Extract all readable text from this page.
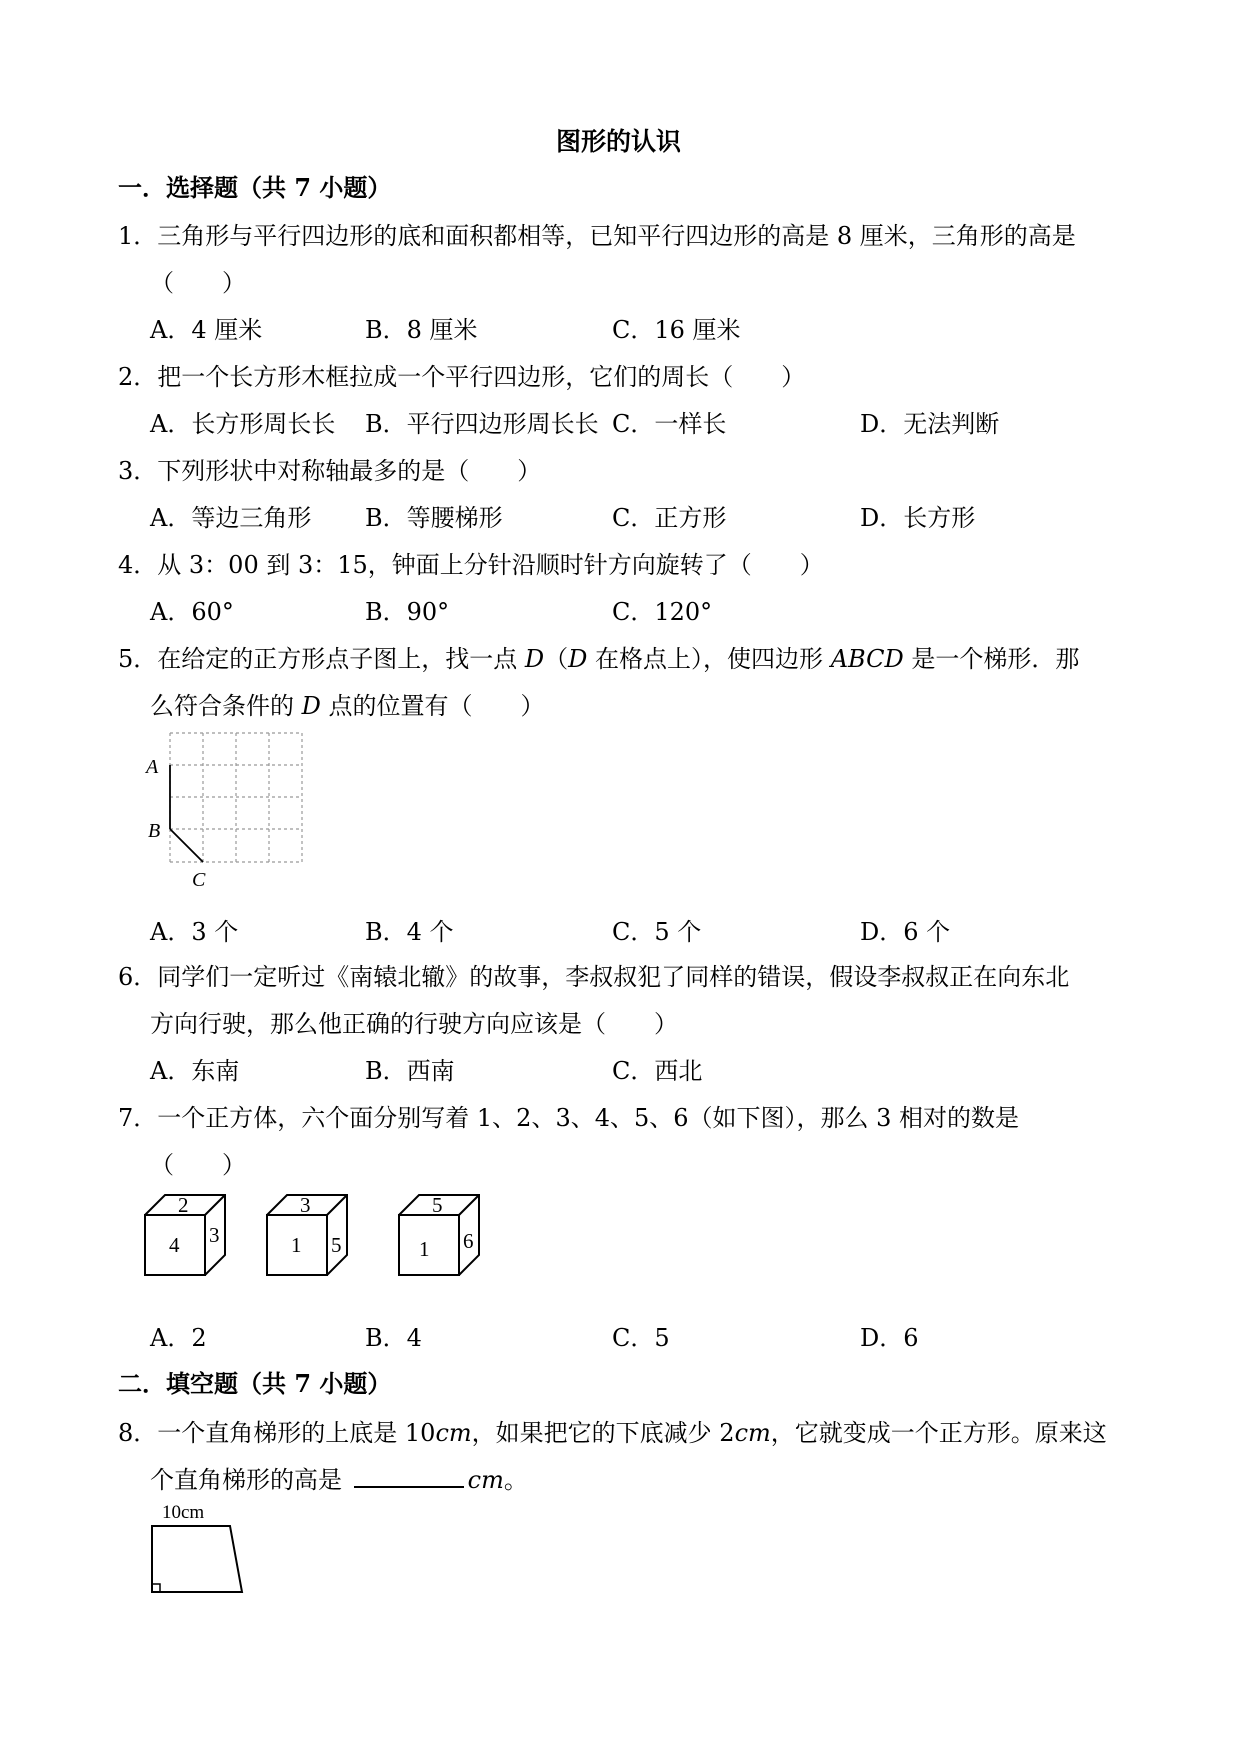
图形的认识
一．选择题（共 7 小题）
1．三角形与平行四边形的底和面积都相等，已知平行四边形的高是 8 厘米，三角形的高是
（　　）
A．4 厘米	B．8 厘米	C．16 厘米
2．把一个长方形木框拉成一个平行四边形，它们的周长（　　）
A．长方形周长长 B．平行四边形周长长 C．一样长	D．无法判断
3．下列形状中对称轴最多的是（　　）
A．等边三角形 B．等腰梯形	C．正方形	D．长方形
4．从 3：00 到 3：15，钟面上分针沿顺时针方向旋转了（　　）
A．60°	B．90°	C．120°
5．在给定的正方形点子图上，找一点 D（D 在格点上），使四边形 ABCD 是一个梯形．那
么符合条件的 D 点的位置有（　　）
A
B
C
A．3 个	B．4 个	C．5 个	D．6 个
6．同学们一定听过《南辕北辙》的故事，李叔叔犯了同样的错误，假设李叔叔正在向东北
方向行驶，那么他正确的行驶方向应该是（　　）
A．东南	B．西南	C．西北
7．一个正方体，六个面分别写着 1、2、3、4、5、6（如下图），那么 3 相对的数是
（　　）
2
4 3
3
1 5
5
1 6
A．2	B．4	C．5	D．6
二．填空题（共 7 小题）
8．一个直角梯形的上底是 10cm，如果把它的下底减少 2cm，它就变成一个正方形。原来这
个直角梯形的高是	cm。
10cm
